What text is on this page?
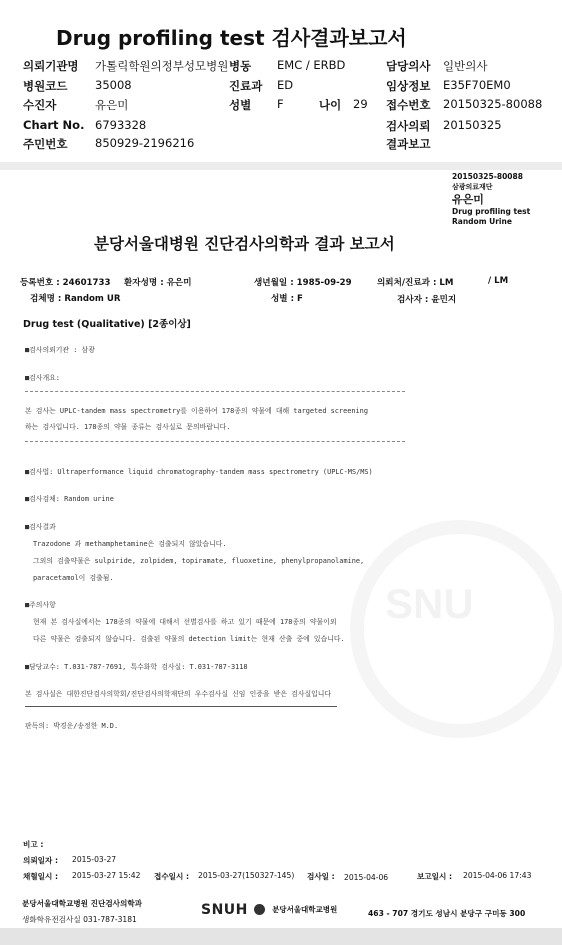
Drug profiling test 검사결과보고서
의뢰기관명 가톨릭학원의정부성모병원 병동 EMC / ERBD	담당의사 일반의사
병원코드 35008	진료과 ED	임상정보 E35F70EM0
수진자	유은미	성별 F	나이 29 접수번호 20150325-80088
Chart No. 6793328	검사의뢰 20150325
주민번호 850929-2196216	결과보고
SNU
20150325-80088
삼광의료재단
유은미
Drug profiling test
Random Urine
분당서울대병원 진단검사의학과 결과 보고서
등록번호 : 24601733 환자성명 : 유은미	생년월일 : 1985-09-29	의뢰처/진료과 : LM	/ LM
검체명 : Random UR	성별 : F	검사자 : 윤민지
Drug test (Qualitative) [2종이상]
■검사의뢰기관 : 삼광
■검사개요:
본 검사는 UPLC-tandem mass spectrometry를 이용하여 178종의 약물에 대해 targeted screening
하는 검사입니다. 178종의 약물 종류는 검사실로 문의바랍니다.
■검사법: Ultraperformance liquid chromatography-tandem mass spectrometry (UPLC-MS/MS)
■검사검체: Random urine
■검사결과
Trazodone 과 methamphetamine은 검출되지 않았습니다.
그외의 검출약물은 sulpiride, zolpidem, topiramate, fluoxetine, phenylpropanolamine,
paracetamol이 검출됨.
■주의사항
현재 본 검사실에서는 178종의 약물에 대해서 선별검사를 하고 있기 때문에 178종의 약물이외
다른 약물은 검출되지 않습니다. 검출된 약물의 detection limit는 현재 산출 중에 있습니다.
■담당교수: T.031-787-7691, 특수화학 검사실: T.031-787-3118
본 검사실은 대한진단검사의학회/진단검사의학재단의 우수검사실 신임 인증을 받은 검사실입니다
판독의: 박경운/송정한 M.D.
비고 :
의뢰일자 : 2015-03-27
채혈일시 : 2015-03-27 15:42 접수일시 : 2015-03-27(150327-145) 검사일 : 2015-04-06	보고일시 : 2015-04-06 17:43
분당서울대학교병원 진단검사의학과
생화학유전검사실 031-787-3181
SNUH	분당서울대학교병원	463 - 707 경기도 성남시 분당구 구미동 300
